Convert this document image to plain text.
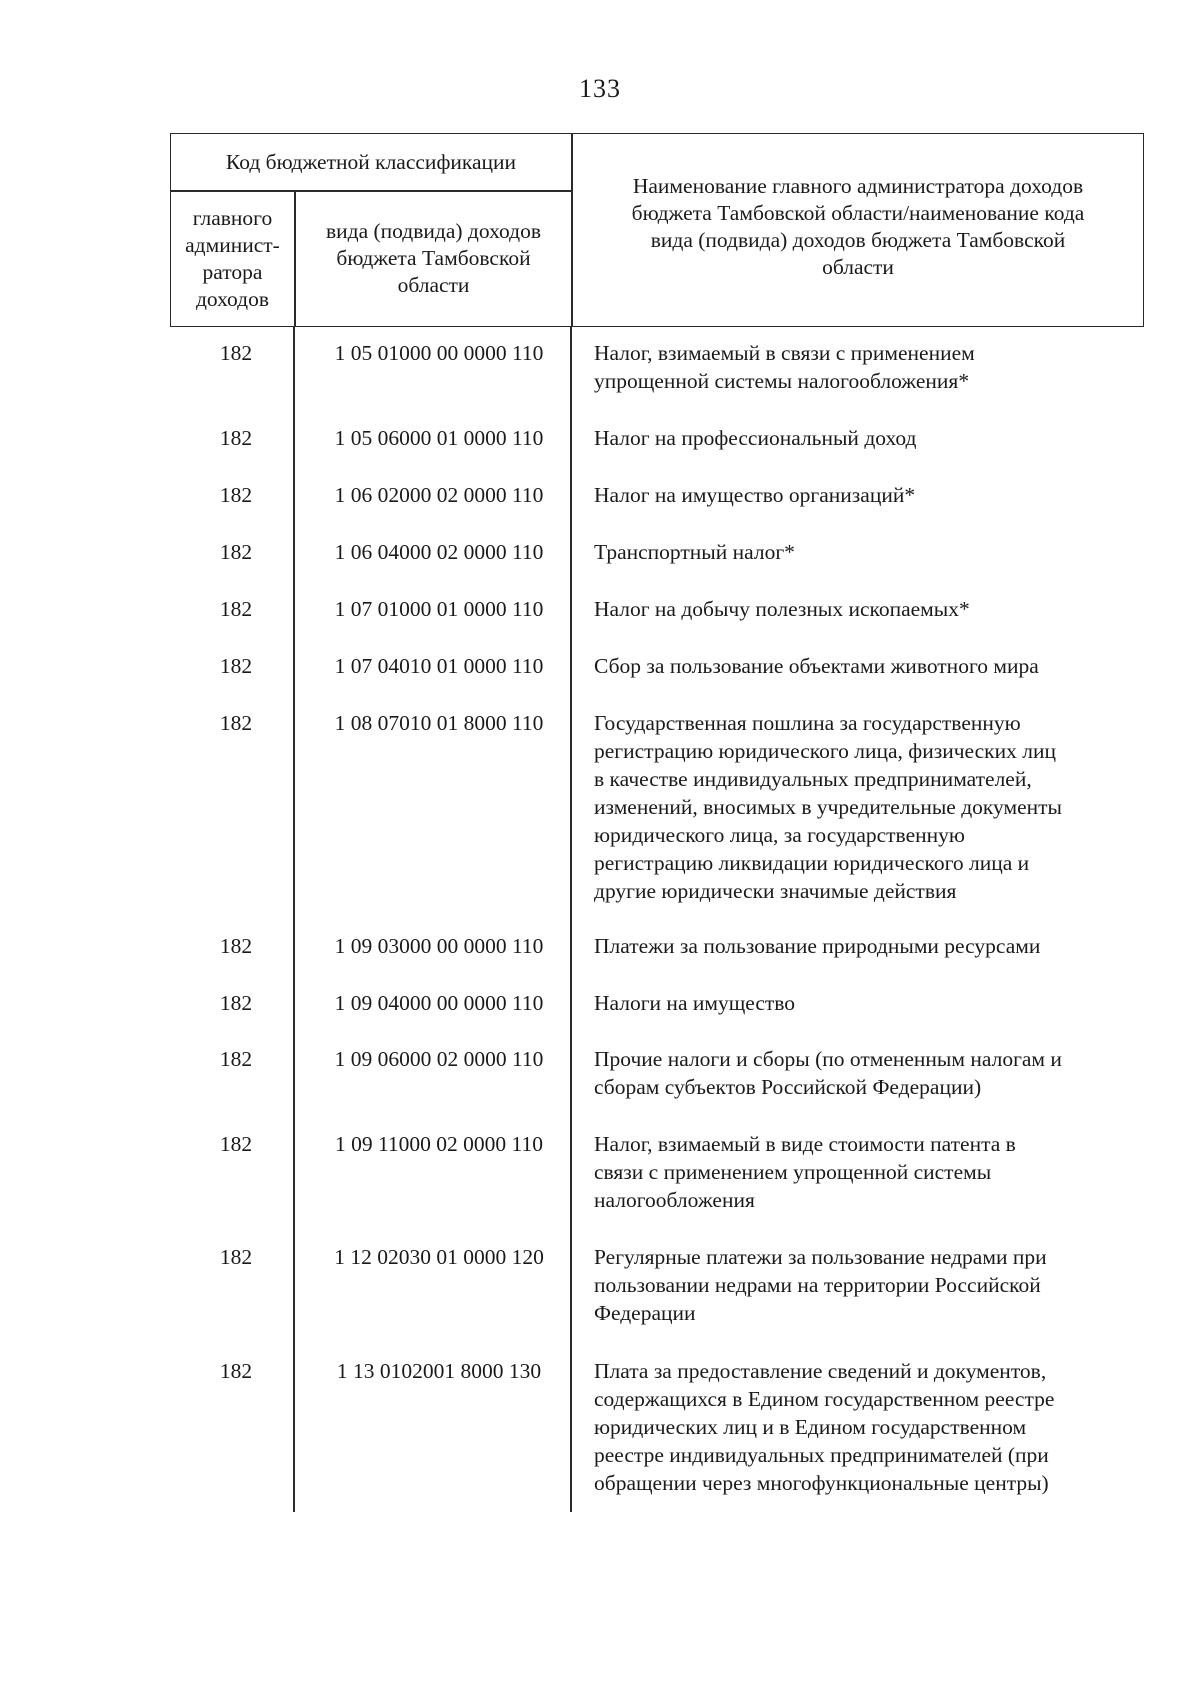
133
Код бюджетной классификации
главного
админист-
ратора
доходов
вида (подвида) доходов
бюджета Тамбовской
области
Наименование главного администратора доходов
бюджета Тамбовской области/наименование кода
вида (подвида) доходов бюджета Тамбовской
области
182	1 05 01000 00 0000 110	Налог, взимаемый в связи с применением
упрощенной системы налогообложения*
182	1 05 06000 01 0000 110	Налог на профессиональный доход
182	1 06 02000 02 0000 110	Налог на имущество организаций*
182	1 06 04000 02 0000 110	Транспортный налог*
182	1 07 01000 01 0000 110	Налог на добычу полезных ископаемых*
182	1 07 04010 01 0000 110	Сбор за пользование объектами животного мира
182	1 08 07010 01 8000 110	Государственная пошлина за государственную
регистрацию юридического лица, физических лиц
в качестве индивидуальных предпринимателей,
изменений, вносимых в учредительные документы
юридического лица, за государственную
регистрацию ликвидации юридического лица и
другие юридически значимые действия
182	1 09 03000 00 0000 110	Платежи за пользование природными ресурсами
182	1 09 04000 00 0000 110	Налоги на имущество
182	1 09 06000 02 0000 110	Прочие налоги и сборы (по отмененным налогам и
сборам субъектов Российской Федерации)
182	1 09 11000 02 0000 110	Налог, взимаемый в виде стоимости патента в
связи с применением упрощенной системы
налогообложения
182	1 12 02030 01 0000 120	Регулярные платежи за пользование недрами при
пользовании недрами на территории Российской
Федерации
182	1 13 0102001 8000 130	Плата за предоставление сведений и документов,
содержащихся в Едином государственном реестре
юридических лиц и в Едином государственном
реестре индивидуальных предпринимателей (при
обращении через многофункциональные центры)
